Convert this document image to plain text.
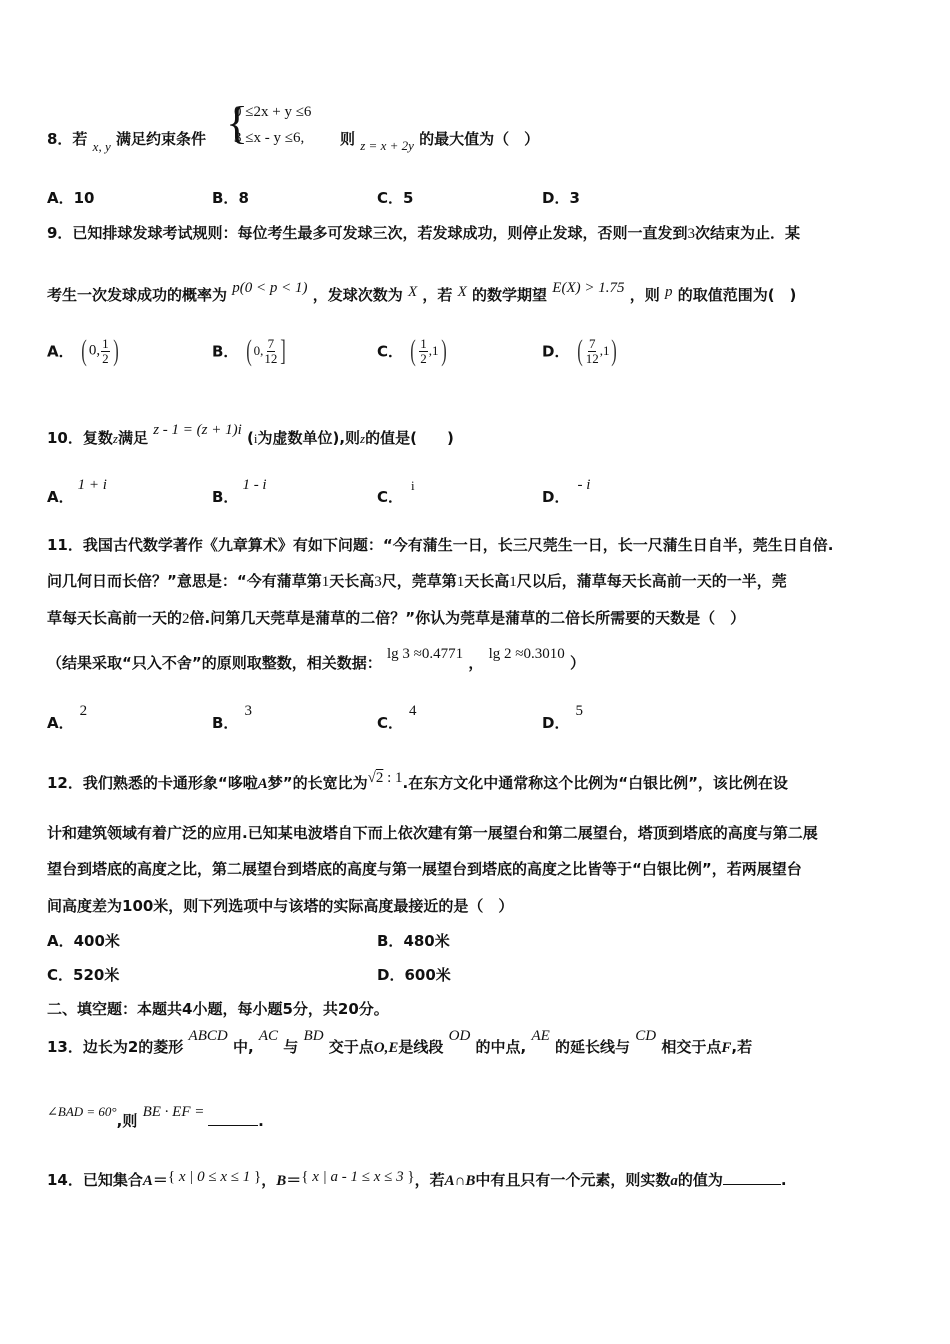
8．若 x, y 满足约束条件 {
0 ≤2x + y ≤6
3 ≤x - y ≤6, 则 z = x + 2y 的最大值为（　）
A．10	B．8	C．5	D．3
9．已知排球发球考试规则：每位考生最多可发球三次，若发球成功，则停止发球，否则一直发到3次结束为止．某
考生一次发球成功的概率为 p(0 < p < 1) ，发球次数为 X ，若 X 的数学期望 E(X) > 1.75 ，则 p 的取值范围为(　)
A． ( 0, $\frac{1}{2}$ )	B． ( 0, $\frac{7}{12}$ ]	C． ( $\frac{1}{2} ,1$)	D． ( $\frac{7}{12} ,1$)
10．复数z满足 z - 1 = (z + 1)i (i为虚数单位),则z的值是(　　)
A．1 + i
B．1 - i
C．i
D．- i
11．我国古代数学著作《九章算术》有如下问题：“今有蒲生一日，长三尺莞生一日，长一尺蒲生日自半，莞生日自倍.
问几何日而长倍？”意思是：“今有蒲草第1天长高3尺，莞草第1天长高1尺以后，蒲草每天长高前一天的一半，莞
草每天长高前一天的2倍.问第几天莞草是蒲草的二倍？”你认为莞草是蒲草的二倍长所需要的天数是（　）
（结果采取“只入不舍”的原则取整数，相关数据： lg 3 ≈0.4771 ， lg 2 ≈0.3010 ）
A．2
B．3
C．4
D．5
12．我们熟悉的卡通形象“哆啦A梦”的长宽比为√2 : 1.在东方文化中通常称这个比例为“白银比例”，该比例在设
计和建筑领域有着广泛的应用.已知某电波塔自下而上依次建有第一展望台和第二展望台，塔顶到塔底的高度与第二展
望台到塔底的高度之比，第二展望台到塔底的高度与第一展望台到塔底的高度之比皆等于“白银比例”，若两展望台
间高度差为100米，则下列选项中与该塔的实际高度最接近的是（　）
A．400米	B．480米
C．520米	D．600米
二、填空题：本题共4小题，每小题5分，共20分。
13．边长为2的菱形 ABCD 中, AC 与 BD 交于点O,E是线段 OD 的中点, AE 的延长线与 CD 相交于点F,若
∠BAD = 60°,则 BE · EF =	.
14．已知集合A＝{ x | 0 ≤ x ≤ 1 }，B＝{ x | a - 1 ≤ x ≤ 3 }，若A∩B中有且只有一个元素，则实数a的值为	.
